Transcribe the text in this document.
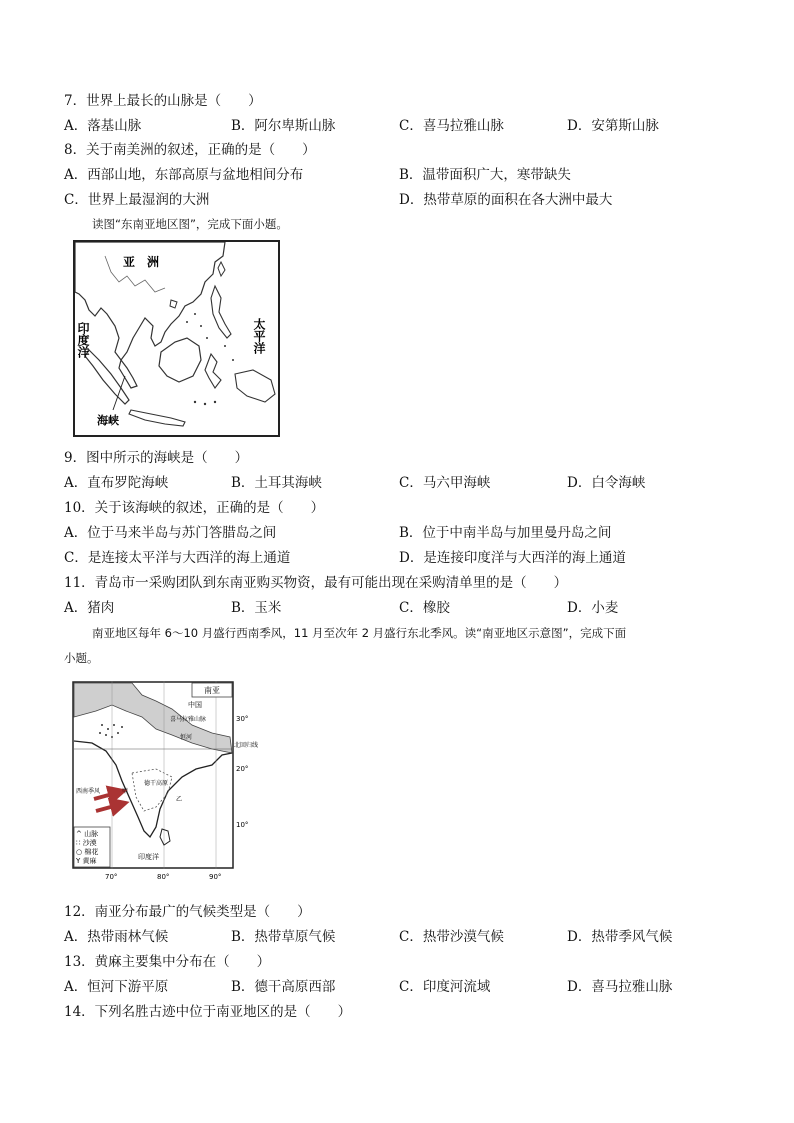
7．世界上最长的山脉是（　　）
A．落基山脉	B．阿尔卑斯山脉	C．喜马拉雅山脉	D．安第斯山脉
8．关于南美洲的叙述，正确的是（　　）
A．西部山地，东部高原与盆地相间分布	B．温带面积广大，寒带缺失
C．世界上最湿润的大洲	D．热带草原的面积在各大洲中最大
读图“东南亚地区图”，完成下面小题。
亚　洲
太平洋
印度洋
海峡
9．图中所示的海峡是（　　）
A．直布罗陀海峡	B．土耳其海峡	C．马六甲海峡	D．白令海峡
10．关于该海峡的叙述，正确的是（　　）
A．位于马来半岛与苏门答腊岛之间	B．位于中南半岛与加里曼丹岛之间
C．是连接太平洋与大西洋的海上通道	D．是连接印度洋与大西洋的海上通道
11．青岛市一采购团队到东南亚购买物资，最有可能出现在采购清单里的是（　　）
A．猪肉	B．玉米	C．橡胶	D．小麦
南亚地区每年 6～10 月盛行西南季风，11 月至次年 2 月盛行东北季风。读“南亚地区示意图”，完成下面
小题。
^ 山脉
∷ 沙漠
○ 棉花
Y 黄麻
南亚
中国
喜马拉雅山脉
恒河
北回归线
德干高原
西南季风	甲
乙
印度洋
30°
20°
10°
70°	80°	90°
12．南亚分布最广的气候类型是（　　）
A．热带雨林气候	B．热带草原气候	C．热带沙漠气候	D．热带季风气候
13．黄麻主要集中分布在（　　）
A．恒河下游平原	B．德干高原西部	C．印度河流域	D．喜马拉雅山脉
14．下列名胜古迹中位于南亚地区的是（　　）
